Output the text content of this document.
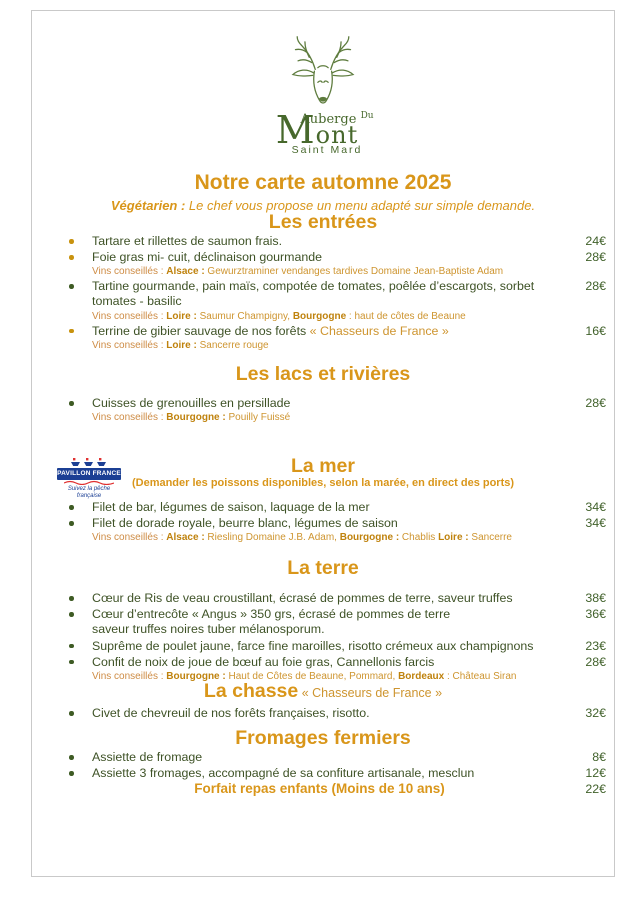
Auberge $^{Du}$
Mont
Saint Mard
Notre carte automne 2025
Végétarien : Le chef vous propose un menu adapté sur simple demande.
Les entrées
Tartare et rillettes de saumon frais.	24€
Foie gras mi- cuit, déclinaison gourmande	28€
Vins conseillés : Alsace : Gewurztraminer vendanges tardives Domaine Jean-Baptiste Adam
Tartine gourmande, pain maïs, compotée de tomates, poêlée d’escargots, sorbet	28€
tomates - basilic
Vins conseillés : Loire : Saumur Champigny, Bourgogne : haut de côtes de Beaune
Terrine de gibier sauvage de nos forêts « Chasseurs de France »	16€
Vins conseillés : Loire : Sancerre rouge
Les lacs et rivières
Cuisses de grenouilles en persillade	28€
Vins conseillés : Bourgogne : Pouilly Fuissé
La mer
(Demander les poissons disponibles, selon la marée, en direct des ports)
Filet de bar, légumes de saison, laquage de la mer	34€
Filet de dorade royale, beurre blanc, légumes de saison	34€
Vins conseillés : Alsace : Riesling Domaine J.B. Adam, Bourgogne : Chablis Loire : Sancerre
La terre
Cœur de Ris de veau croustillant, écrasé de pommes de terre, saveur truffes	38€
Cœur d’entrecôte « Angus » 350 grs, écrasé de pommes de terre	36€
saveur truffes noires tuber mélanosporum.
Suprême de poulet jaune, farce fine maroilles, risotto crémeux aux champignons	23€
Confit de noix de joue de bœuf au foie gras, Cannellonis farcis	28€
Vins conseillés : Bourgogne : Haut de Côtes de Beaune, Pommard, Bordeaux : Château Siran
La chasse « Chasseurs de France »
Civet de chevreuil de nos forêts françaises, risotto.	32€
Fromages fermiers
Assiette de fromage	8€
Assiette 3 fromages, accompagné de sa confiture artisanale, mesclun	12€
Forfait repas enfants (Moins de 10 ans)	22€
PAVILLON FRANCE
Suivez la pêche française
